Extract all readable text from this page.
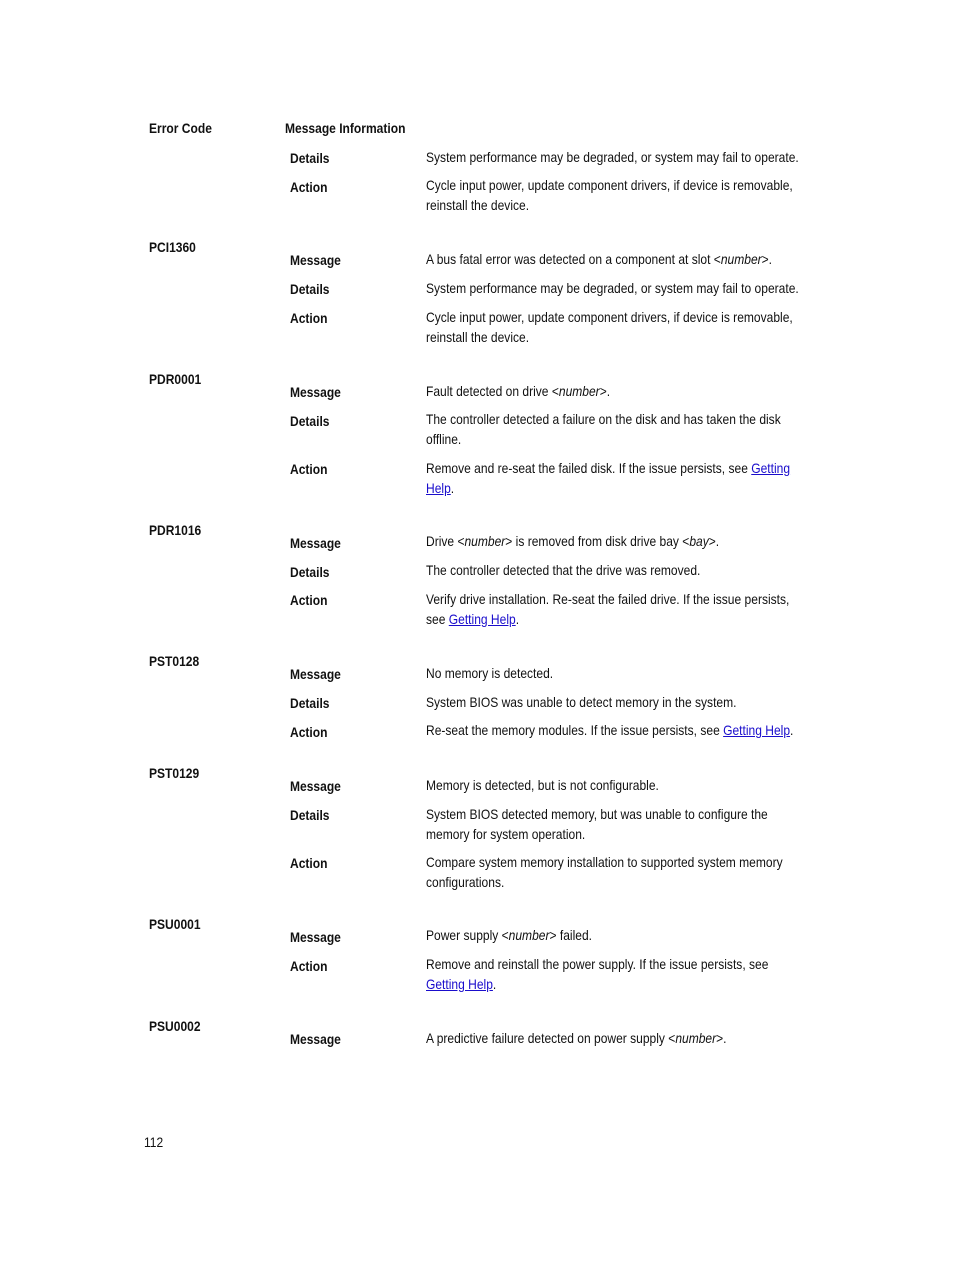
Error Code	Message Information
Details	System performance may be degraded, or system may fail to operate.
Action	Cycle input power, update component drivers, if device is removable,
reinstall the device.
PCI1360
Message	A bus fatal error was detected on a component at slot <number>.
Details	System performance may be degraded, or system may fail to operate.
Action	Cycle input power, update component drivers, if device is removable,
reinstall the device.
PDR0001
Message	Fault detected on drive <number>.
Details	The controller detected a failure on the disk and has taken the disk
offline.
Action	Remove and re-seat the failed disk. If the issue persists, see Getting
Help.
PDR1016
Message	Drive <number> is removed from disk drive bay <bay>.
Details	The controller detected that the drive was removed.
Action	Verify drive installation. Re-seat the failed drive. If the issue persists,
see Getting Help.
PST0128
Message	No memory is detected.
Details	System BIOS was unable to detect memory in the system.
Action	Re-seat the memory modules. If the issue persists, see Getting Help.
PST0129
Message	Memory is detected, but is not configurable.
Details	System BIOS detected memory, but was unable to configure the
memory for system operation.
Action	Compare system memory installation to supported system memory
configurations.
PSU0001
Message	Power supply <number> failed.
Action	Remove and reinstall the power supply. If the issue persists, see
Getting Help.
PSU0002
Message	A predictive failure detected on power supply <number>.
112
